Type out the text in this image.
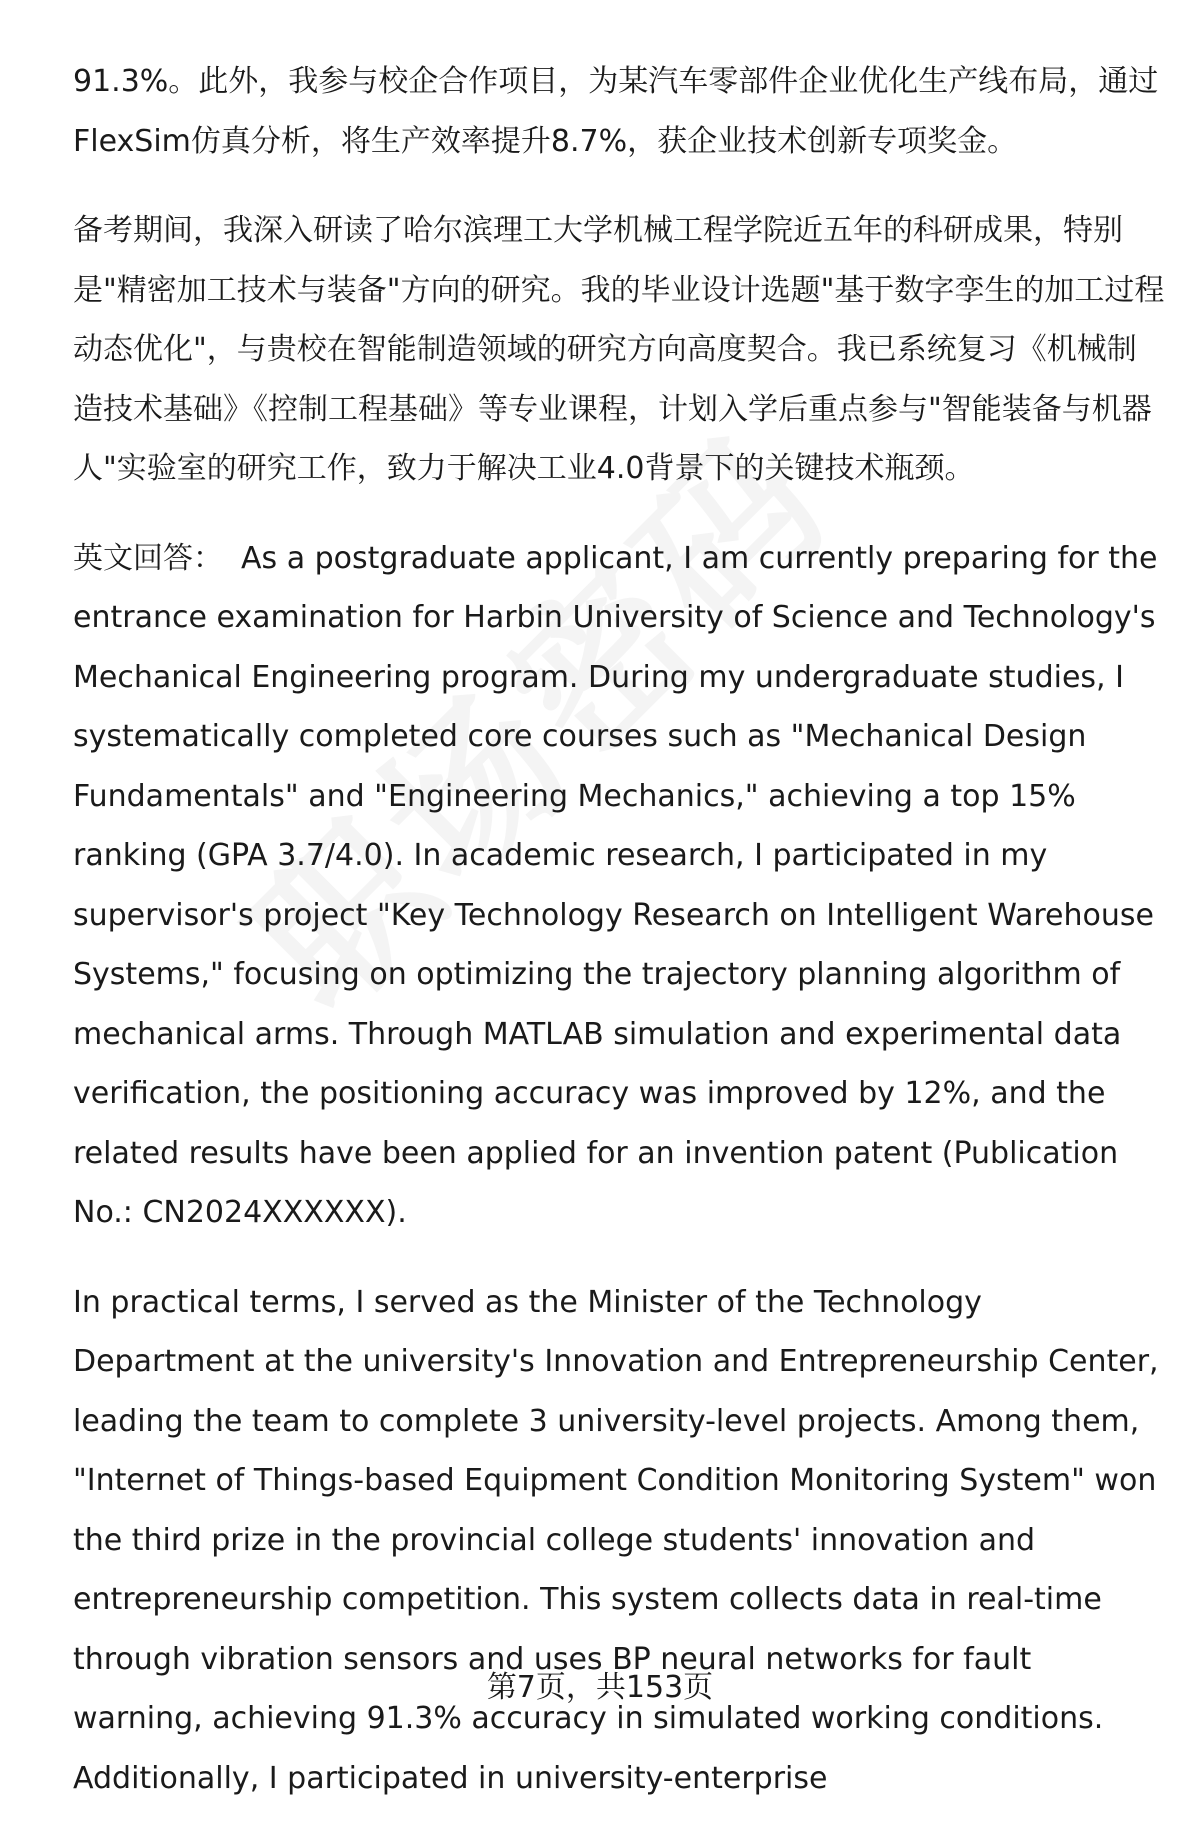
91.3%。此外，我参与校企合作项目，为某汽车零部件企业优化生产线布局，通过FlexSim仿真分析，将生产效率提升8.7%，获企业技术创新专项奖金。

备考期间，我深入研读了哈尔滨理工大学机械工程学院近五年的科研成果，特别是"精密加工技术与装备"方向的研究。我的毕业设计选题"基于数字孪生的加工过程动态优化"，与贵校在智能制造领域的研究方向高度契合。我已系统复习《机械制造技术基础》《控制工程基础》等专业课程，计划入学后重点参与"智能装备与机器人"实验室的研究工作，致力于解决工业4.0背景下的关键技术瓶颈。

英文回答： As a postgraduate applicant, I am currently preparing for the entrance examination for Harbin University of Science and Technology's Mechanical Engineering program. During my undergraduate studies, I systematically completed core courses such as "Mechanical Design Fundamentals" and "Engineering Mechanics," achieving a top 15% ranking (GPA 3.7/4.0). In academic research, I participated in my supervisor's project "Key Technology Research on Intelligent Warehouse Systems," focusing on optimizing the trajectory planning algorithm of mechanical arms. Through MATLAB simulation and experimental data verification, the positioning accuracy was improved by 12%, and the related results have been applied for an invention patent (Publication No.: CN2024XXXXXX).

In practical terms, I served as the Minister of the Technology Department at the university's Innovation and Entrepreneurship Center, leading the team to complete 3 university-level projects. Among them, "Internet of Things-based Equipment Condition Monitoring System" won the third prize in the provincial college students' innovation and entrepreneurship competition. This system collects data in real-time through vibration sensors and uses BP neural networks for fault warning, achieving 91.3% accuracy in simulated working conditions. Additionally, I participated in university-enterprise

第7页，共153页
